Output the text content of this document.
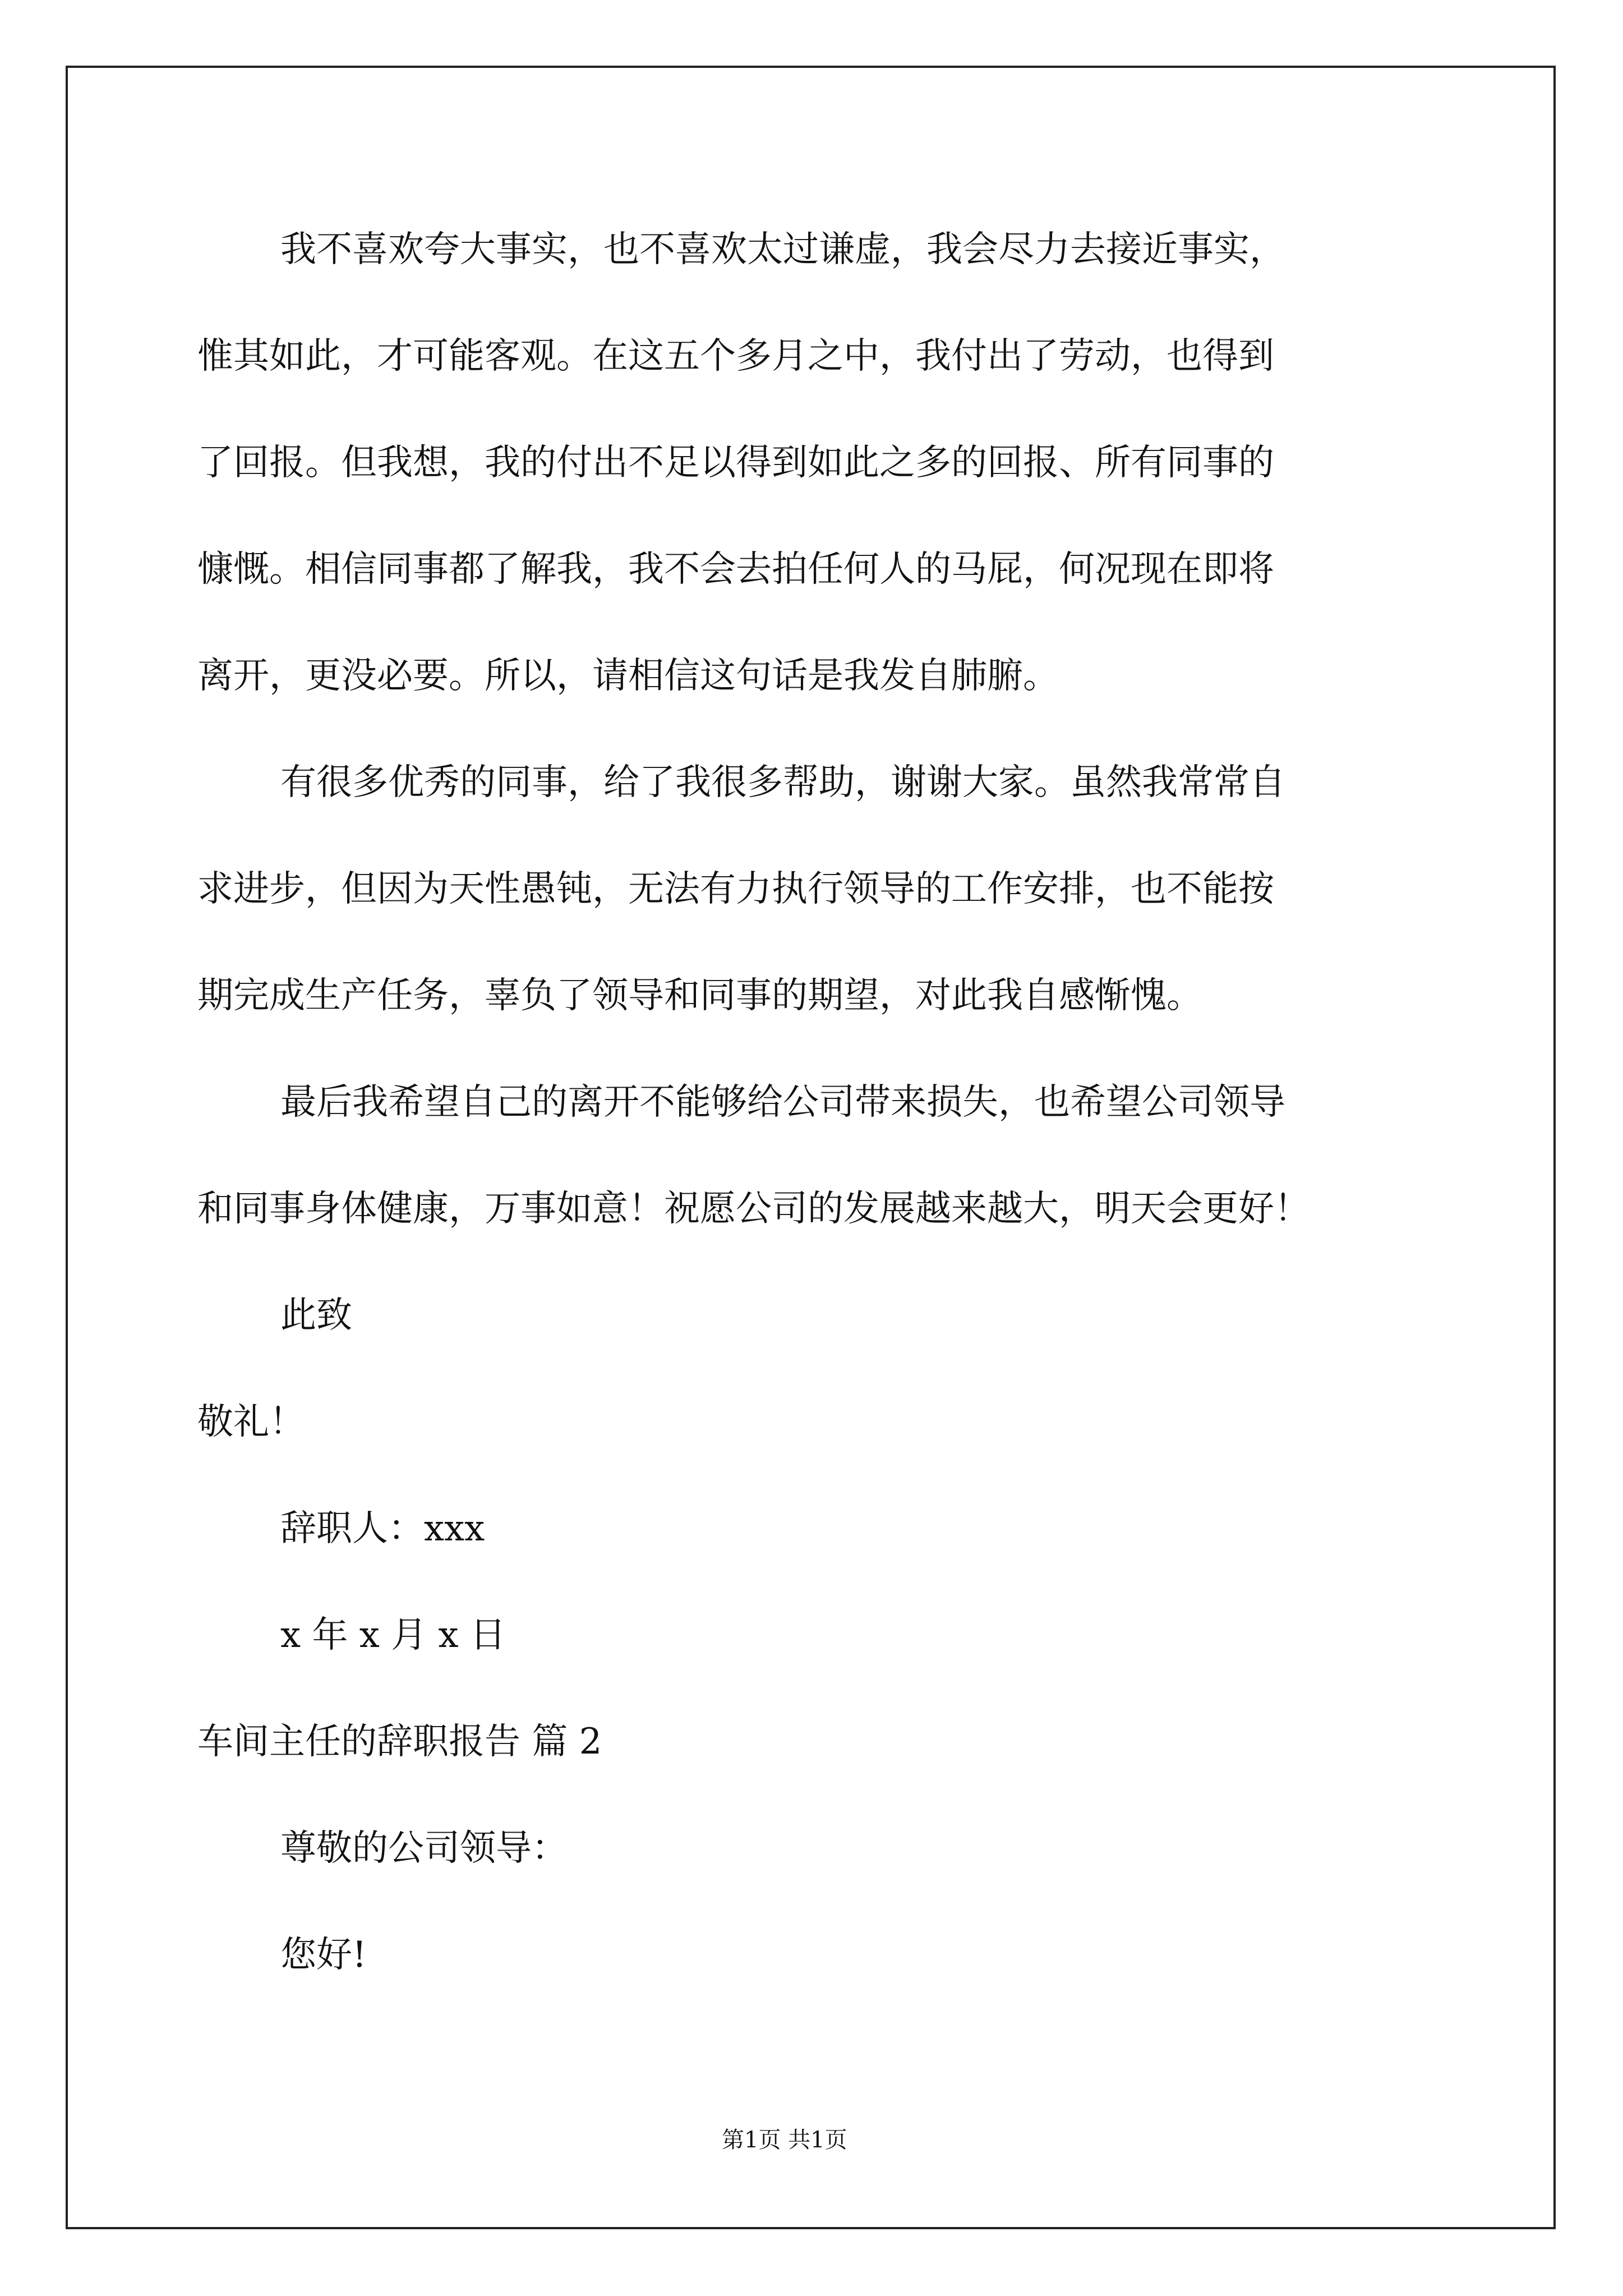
我不喜欢夸大事实，也不喜欢太过谦虚，我会尽力去接近事实，
惟其如此，才可能客观。在这五个多月之中，我付出了劳动，也得到
了回报。但我想，我的付出不足以得到如此之多的回报、所有同事的
慷慨。相信同事都了解我，我不会去拍任何人的马屁，何况现在即将
离开，更没必要。所以，请相信这句话是我发自肺腑。
有很多优秀的同事，给了我很多帮助，谢谢大家。虽然我常常自
求进步，但因为天性愚钝，无法有力执行领导的工作安排，也不能按
期完成生产任务，辜负了领导和同事的期望，对此我自感惭愧。
最后我希望自己的离开不能够给公司带来损失，也希望公司领导
和同事身体健康，万事如意！祝愿公司的发展越来越大，明天会更好！
此致
敬礼！
辞职人：xxx
x 年 x 月 x 日
车间主任的辞职报告 篇 2
尊敬的公司领导：
您好!
第1页 共1页
